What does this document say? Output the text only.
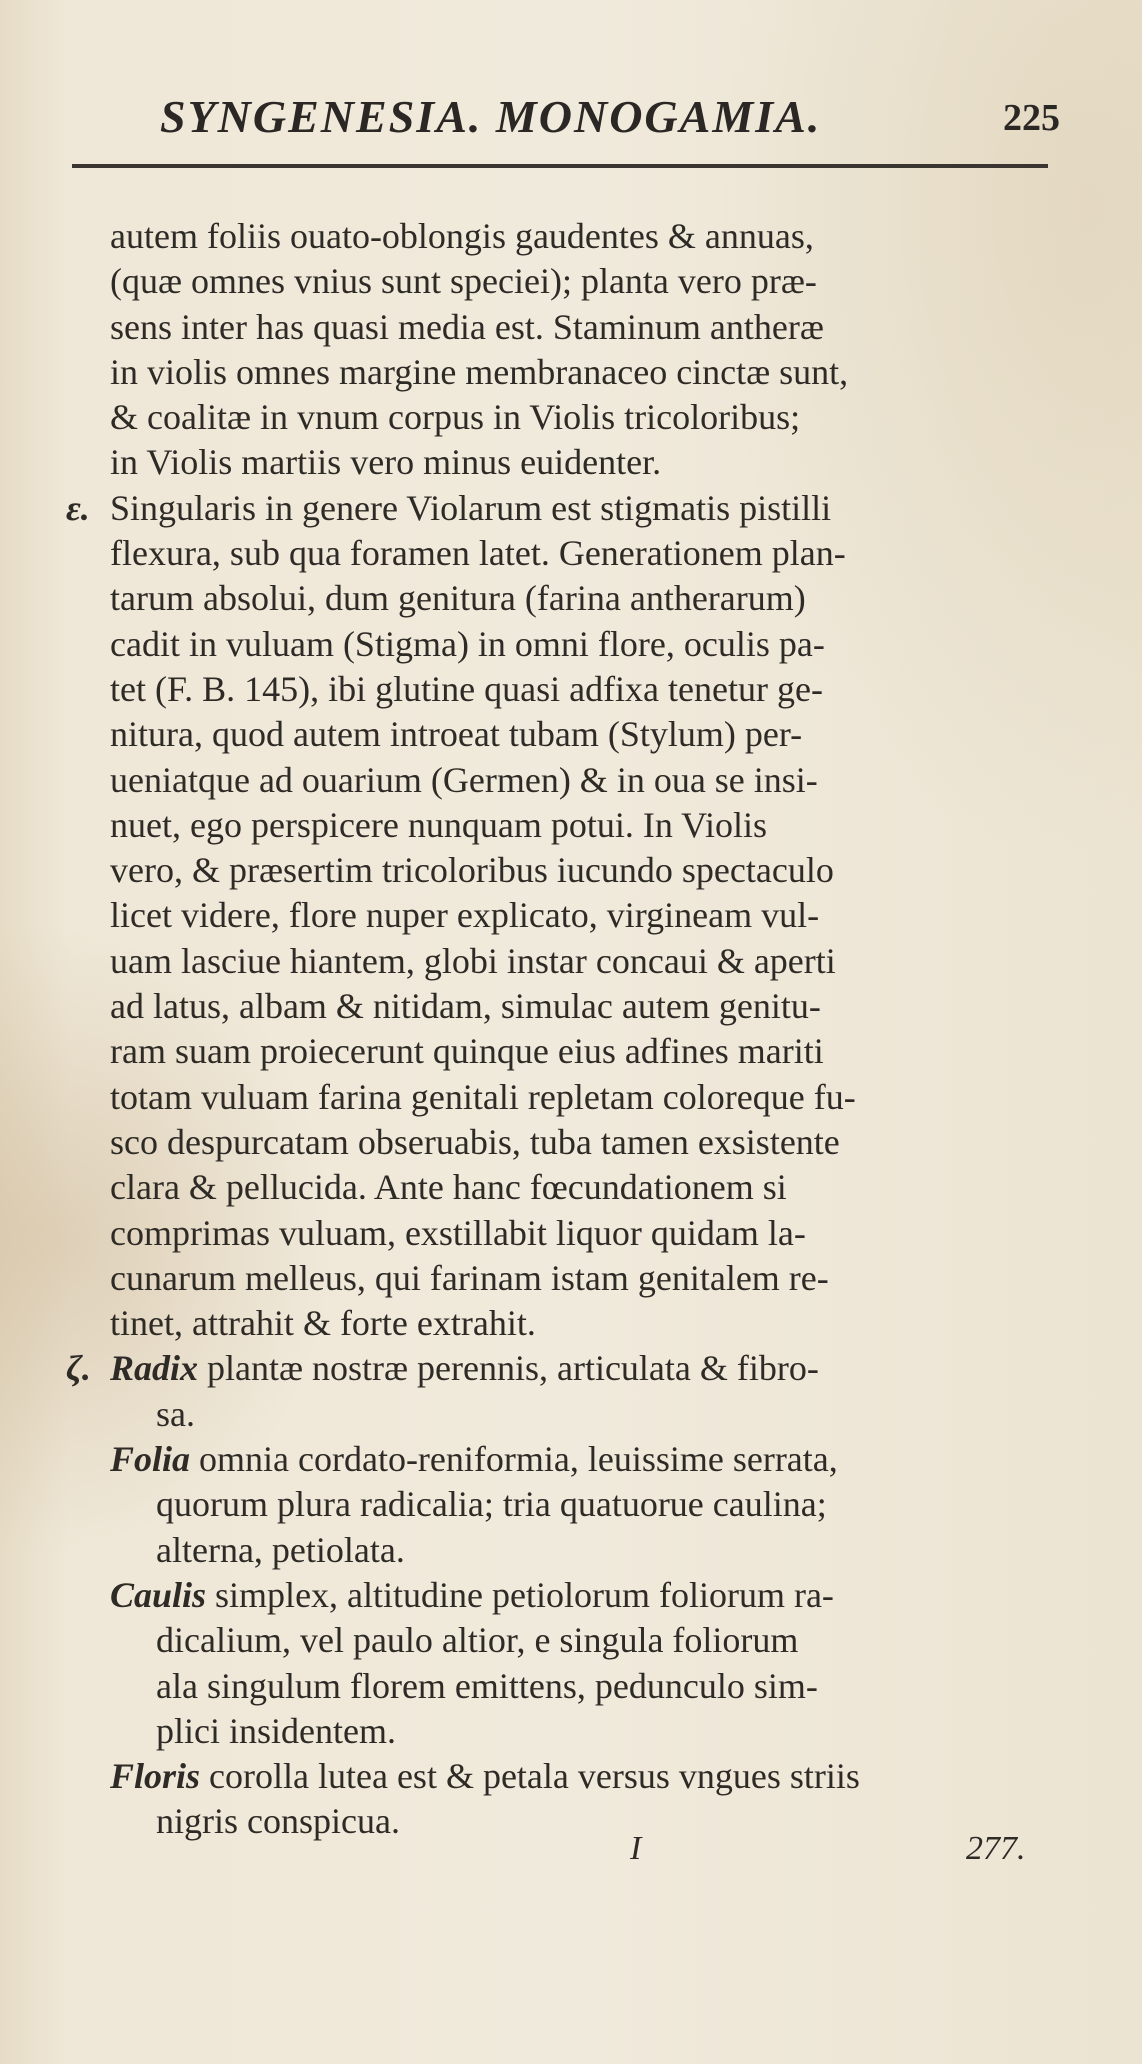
SYNGENESIA. MONOGAMIA.	225
autem foliis ouato-oblongis gaudentes & annuas,
(quæ omnes vnius sunt speciei); planta vero præ-
sens inter has quasi media est. Staminum antheræ
in violis omnes margine membranaceo cinctæ sunt,
& coalitæ in vnum corpus in Violis tricoloribus;
in Violis martiis vero minus euidenter.
ε. Singularis in genere Violarum est stigmatis pistilli
flexura, sub qua foramen latet. Generationem plan-
tarum absolui, dum genitura (farina antherarum)
cadit in vuluam (Stigma) in omni flore, oculis pa-
tet (F. B. 145), ibi glutine quasi adfixa tenetur ge-
nitura, quod autem introeat tubam (Stylum) per-
ueniatque ad ouarium (Germen) & in oua se insi-
nuet, ego perspicere nunquam potui. In Violis
vero, & præsertim tricoloribus iucundo spectaculo
licet videre, flore nuper explicato, virgineam vul-
uam lasciue hiantem, globi instar concaui & aperti
ad latus, albam & nitidam, simulac autem genitu-
ram suam proiecerunt quinque eius adfines mariti
totam vuluam farina genitali repletam coloreque fu-
sco despurcatam obseruabis, tuba tamen exsistente
clara & pellucida. Ante hanc fœcundationem si
comprimas vuluam, exstillabit liquor quidam la-
cunarum melleus, qui farinam istam genitalem re-
tinet, attrahit & forte extrahit.
ζ. Radix plantæ nostræ perennis, articulata & fibro-
sa.
Folia omnia cordato-reniformia, leuissime serrata,
quorum plura radicalia; tria quatuorue caulina;
alterna, petiolata.
Caulis simplex, altitudine petiolorum foliorum ra-
dicalium, vel paulo altior, e singula foliorum
ala singulum florem emittens, pedunculo sim-
plici insidentem.
Floris corolla lutea est & petala versus vngues striis
nigris conspicua.
I	277.
